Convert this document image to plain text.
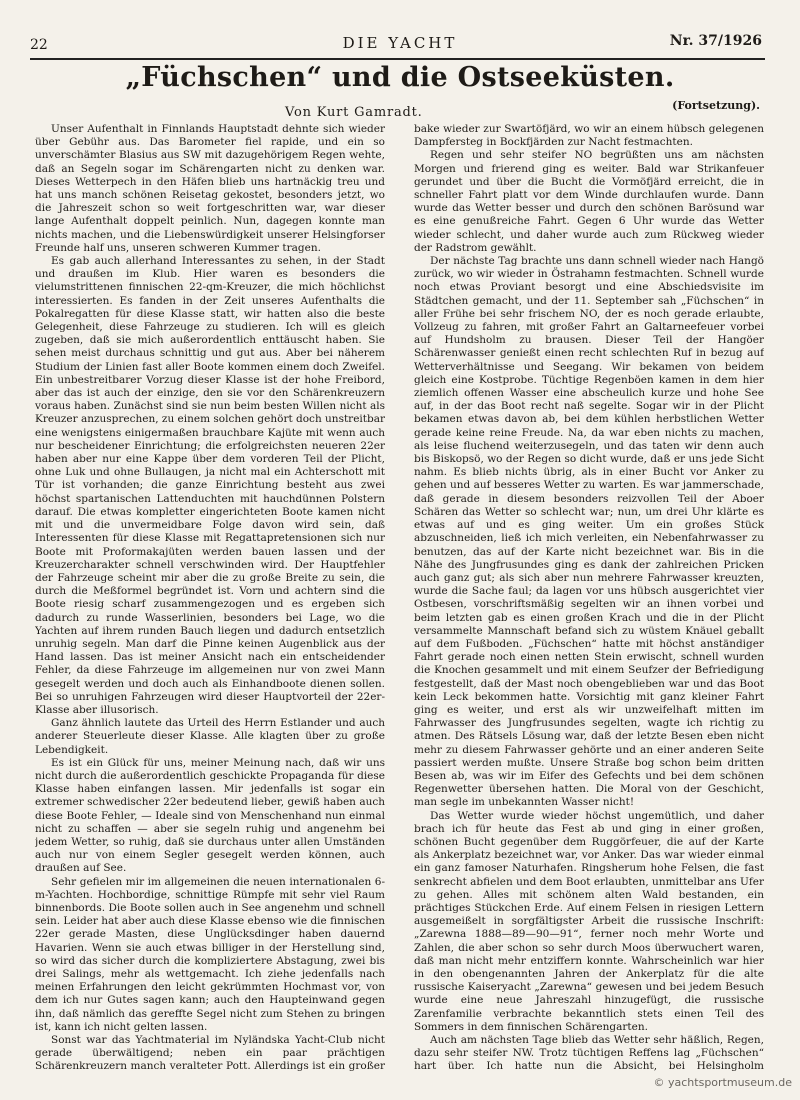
22	DIE YACHT	Nr. 37/1926
„Füchschen“ und die Ostseeküsten.
Von Kurt Gamradt.	(Fortsetzung).

Unser Aufenthalt in Finnlands Hauptstadt dehnte sich wieder über Gebühr aus. Das Barometer fiel rapide, und ein so unverschämter Blasius aus SW mit dazugehörigem Regen wehte, daß an Segeln sogar im Schärengarten nicht zu denken war. Dieses Wetterpech in den Häfen blieb uns hartnäckig treu und hat uns manch schönen Reisetag gekostet, besonders jetzt, wo die Jahreszeit schon so weit fortgeschritten war, war dieser lange Aufenthalt doppelt peinlich. Nun, dagegen konnte man nichts machen, und die Liebenswürdigkeit unserer Helsingforser Freunde half uns, unseren schweren Kummer tragen.

Es gab auch allerhand Interessantes zu sehen, in der Stadt und draußen im Klub. Hier waren es besonders die vielumstrittenen finnischen 22-qm-Kreuzer, die mich höchlichst interessierten. Es fanden in der Zeit unseres Aufenthalts die Pokalregatten für diese Klasse statt, wir hatten also die beste Gelegenheit, diese Fahrzeuge zu studieren. Ich will es gleich zugeben, daß sie mich außerordentlich enttäuscht haben. Sie sehen meist durchaus schnittig und gut aus. Aber bei näherem Studium der Linien fast aller Boote kommen einem doch Zweifel. Ein unbestreitbarer Vorzug dieser Klasse ist der hohe Freibord, aber das ist auch der einzige, den sie vor den Schärenkreuzern voraus haben. Zunächst sind sie nun beim besten Willen nicht als Kreuzer anzusprechen, zu einem solchen gehört doch unstreitbar eine wenigstens einigermaßen brauchbare Kajüte mit wenn auch nur bescheidener Einrichtung; die erfolgreichsten neueren 22er haben aber nur eine Kappe über dem vorderen Teil der Plicht, ohne Luk und ohne Bullaugen, ja nicht mal ein Achterschott mit Tür ist vorhanden; die ganze Einrichtung besteht aus zwei höchst spartanischen Lattenduchten mit hauchdünnen Polstern darauf. Die etwas kompletter eingerichteten Boote kamen nicht mit und die unvermeidbare Folge davon wird sein, daß Interessenten für diese Klasse mit Regattapretensionen sich nur Boote mit Proformakajüten werden bauen lassen und der Kreuzercharakter schnell verschwinden wird. Der Hauptfehler der Fahrzeuge scheint mir aber die zu große Breite zu sein, die durch die Meßformel begründet ist. Vorn und achtern sind die Boote riesig scharf zusammengezogen und es ergeben sich dadurch zu runde Wasserlinien, besonders bei Lage, wo die Yachten auf ihrem runden Bauch liegen und dadurch entsetzlich unruhig segeln. Man darf die Pinne keinen Augenblick aus der Hand lassen. Das ist meiner Ansicht nach ein entscheidender Fehler, da diese Fahrzeuge im allgemeinen nur von zwei Mann gesegelt werden und doch auch als Einhandboote dienen sollen. Bei so unruhigen Fahrzeugen wird dieser Hauptvorteil der 22er-Klasse aber illusorisch.

Ganz ähnlich lautete das Urteil des Herrn Estlander und auch anderer Steuerleute dieser Klasse. Alle klagten über zu große Lebendigkeit.

Es ist ein Glück für uns, meiner Meinung nach, daß wir uns nicht durch die außerordentlich geschickte Propaganda für diese Klasse haben einfangen lassen. Mir jedenfalls ist sogar ein extremer schwedischer 22er bedeutend lieber, gewiß haben auch diese Boote Fehler, — Ideale sind von Menschenhand nun einmal nicht zu schaffen — aber sie segeln ruhig und angenehm bei jedem Wetter, so ruhig, daß sie durchaus unter allen Umständen auch nur von einem Segler gesegelt werden können, auch draußen auf See.

Sehr gefielen mir im allgemeinen die neuen internationalen 6-m-Yachten. Hochbordige, schnittige Rümpfe mit sehr viel Raum binnenbords. Die Boote sollen auch in See angenehm und schnell sein. Leider hat aber auch diese Klasse ebenso wie die finnischen 22er gerade Masten, diese Unglücksdinger haben dauernd Havarien. Wenn sie auch etwas billiger in der Herstellung sind, so wird das sicher durch die kompliziertere Abstagung, zwei bis drei Salings, mehr als wettgemacht. Ich ziehe jedenfalls nach meinen Erfahrungen den leicht gekrümmten Hochmast vor, von dem ich nur Gutes sagen kann; auch den Haupteinwand gegen ihn, daß nämlich das gereffte Segel nicht zum Stehen zu bringen ist, kann ich nicht gelten lassen.

Sonst war das Yachtmaterial im Nyländska Yacht-Club nicht gerade überwältigend; neben ein paar prächtigen Schärenkreuzern manch veralteter Pott. Allerdings ist ein großer

bake wieder zur Swartöfjärd, wo wir an einem hübsch gelegenen Dampfersteg in Bockfjärden zur Nacht festmachten.

Regen und sehr steifer NO begrüßten uns am nächsten Morgen und frierend ging es weiter. Bald war Strikanfeuer gerundet und über die Bucht die Vormöfjärd erreicht, die in schneller Fahrt platt vor dem Winde durchlaufen wurde. Dann wurde das Wetter besser und durch den schönen Barösund war es eine genußreiche Fahrt. Gegen 6 Uhr wurde das Wetter wieder schlecht, und daher wurde auch zum Rückweg wieder der Radstrom gewählt.

Der nächste Tag brachte uns dann schnell wieder nach Hangö zurück, wo wir wieder in Östrahamn festmachten. Schnell wurde noch etwas Proviant besorgt und eine Abschiedsvisite im Städtchen gemacht, und der 11. September sah „Füchschen“ in aller Frühe bei sehr frischem NO, der es noch gerade erlaubte, Vollzeug zu fahren, mit großer Fahrt an Galtarneefeuer vorbei auf Hundsholm zu brausen. Dieser Teil der Hangöer Schärenwasser genießt einen recht schlechten Ruf in bezug auf Wetterverhältnisse und Seegang. Wir bekamen von beidem gleich eine Kostprobe. Tüchtige Regenböen kamen in dem hier ziemlich offenen Wasser eine abscheulich kurze und hohe See auf, in der das Boot recht naß segelte. Sogar wir in der Plicht bekamen etwas davon ab, bei dem kühlen herbstlichen Wetter gerade keine reine Freude. Na, da war eben nichts zu machen, als leise fluchend weiterzusegeln, und das taten wir denn auch bis Biskopsö, wo der Regen so dicht wurde, daß er uns jede Sicht nahm. Es blieb nichts übrig, als in einer Bucht vor Anker zu gehen und auf besseres Wetter zu warten. Es war jammerschade, daß gerade in diesem besonders reizvollen Teil der Aboer Schären das Wetter so schlecht war; nun, um drei Uhr klärte es etwas auf und es ging weiter. Um ein großes Stück abzuschneiden, ließ ich mich verleiten, ein Nebenfahrwasser zu benutzen, das auf der Karte nicht bezeichnet war. Bis in die Nähe des Jungfrusundes ging es dank der zahlreichen Pricken auch ganz gut; als sich aber nun mehrere Fahrwasser kreuzten, wurde die Sache faul; da lagen vor uns hübsch ausgerichtet vier Ostbesen, vorschriftsmäßig segelten wir an ihnen vorbei und beim letzten gab es einen großen Krach und die in der Plicht versammelte Mannschaft befand sich zu wüstem Knäuel geballt auf dem Fußboden. „Füchschen“ hatte mit höchst anständiger Fahrt gerade noch einen netten Stein erwischt, schnell wurden die Knochen gesammelt und mit einem Seufzer der Befriedigung festgestellt, daß der Mast noch obengeblieben war und das Boot kein Leck bekommen hatte. Vorsichtig mit ganz kleiner Fahrt ging es weiter, und erst als wir unzweifelhaft mitten im Fahrwasser des Jungfrusundes segelten, wagte ich richtig zu atmen. Des Rätsels Lösung war, daß der letzte Besen eben nicht mehr zu diesem Fahrwasser gehörte und an einer anderen Seite passiert werden mußte. Unsere Straße bog schon beim dritten Besen ab, was wir im Eifer des Gefechts und bei dem schönen Regenwetter übersehen hatten. Die Moral von der Geschicht, man segle im unbekannten Wasser nicht!

Das Wetter wurde wieder höchst ungemütlich, und daher brach ich für heute das Fest ab und ging in einer großen, schönen Bucht gegenüber dem Ruggörfeuer, die auf der Karte als Ankerplatz bezeichnet war, vor Anker. Das war wieder einmal ein ganz famoser Naturhafen. Ringsherum hohe Felsen, die fast senkrecht abfielen und dem Boot erlaubten, unmittelbar ans Ufer zu gehen. Alles mit schönem alten Wald bestanden, ein prächtiges Stückchen Erde. Auf einem Felsen in riesigen Lettern ausgemeißelt in sorgfältigster Arbeit die russische Inschrift: „Zarewna 1888—89—90—91“, ferner noch mehr Worte und Zahlen, die aber schon so sehr durch Moos überwuchert waren, daß man nicht mehr entziffern konnte. Wahrscheinlich war hier in den obengenannten Jahren der Ankerplatz für die alte russische Kaiseryacht „Zarewna“ gewesen und bei jedem Besuch wurde eine neue Jahreszahl hinzugefügt, die russische Zarenfamilie verbrachte bekanntlich stets einen Teil des Sommers in dem finnischen Schärengarten.

Auch am nächsten Tage blieb das Wetter sehr häßlich, Regen, dazu sehr steifer NW. Trotz tüchtigen Reffens lag „Füchschen“ hart über. Ich hatte nun die Absicht, bei Helsingholm

© yachtsportmuseum.de
